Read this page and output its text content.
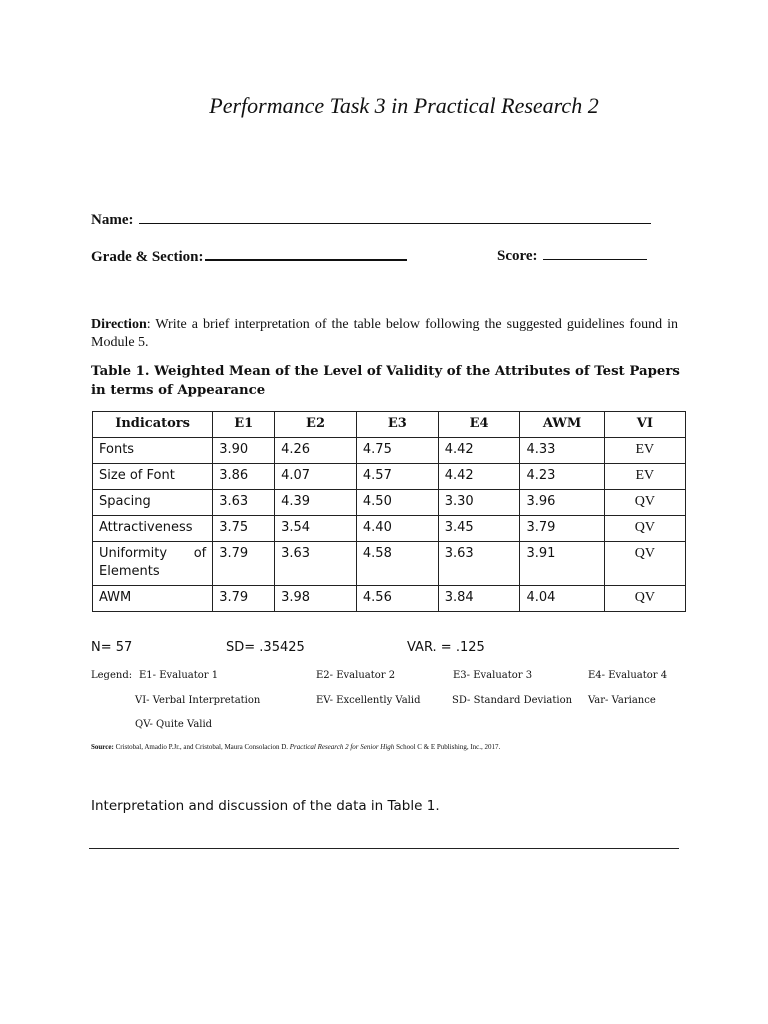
Performance Task 3 in Practical Research 2
Name:
Grade & Section:	Score:
Direction: Write a brief interpretation of the table below following the suggested guidelines found in Module 5.
Table 1. Weighted Mean of the Level of Validity of the Attributes of Test Papers in terms of Appearance
Indicators	E1	E2	E3	E4	AWM	VI
Fonts	3.90	4.26	4.75	4.42	4.33	EV
Size of Font	3.86	4.07	4.57	4.42	4.23	EV
Spacing	3.63	4.39	4.50	3.30	3.96	QV
Attractiveness	3.75	3.54	4.40	3.45	3.79	QV

Uniformity of
Elements	3.79	3.63	4.58	3.63	3.91	QV
AWM	3.79	3.98	4.56	3.84	4.04	QV
N= 57	SD= .35425	VAR. = .125
Legend: E1- Evaluator 1	E2- Evaluator 2	E3- Evaluator 3	E4- Evaluator 4
VI- Verbal Interpretation	EV- Excellently Valid	SD- Standard Deviation Var- Variance
QV- Quite Valid
Source: Cristobal, Amadio P.Jr., and Cristobal, Maura Consolacion D. Practical Research 2 for Senior High School C & E Publishing, Inc., 2017.
Interpretation and discussion of the data in Table 1.
